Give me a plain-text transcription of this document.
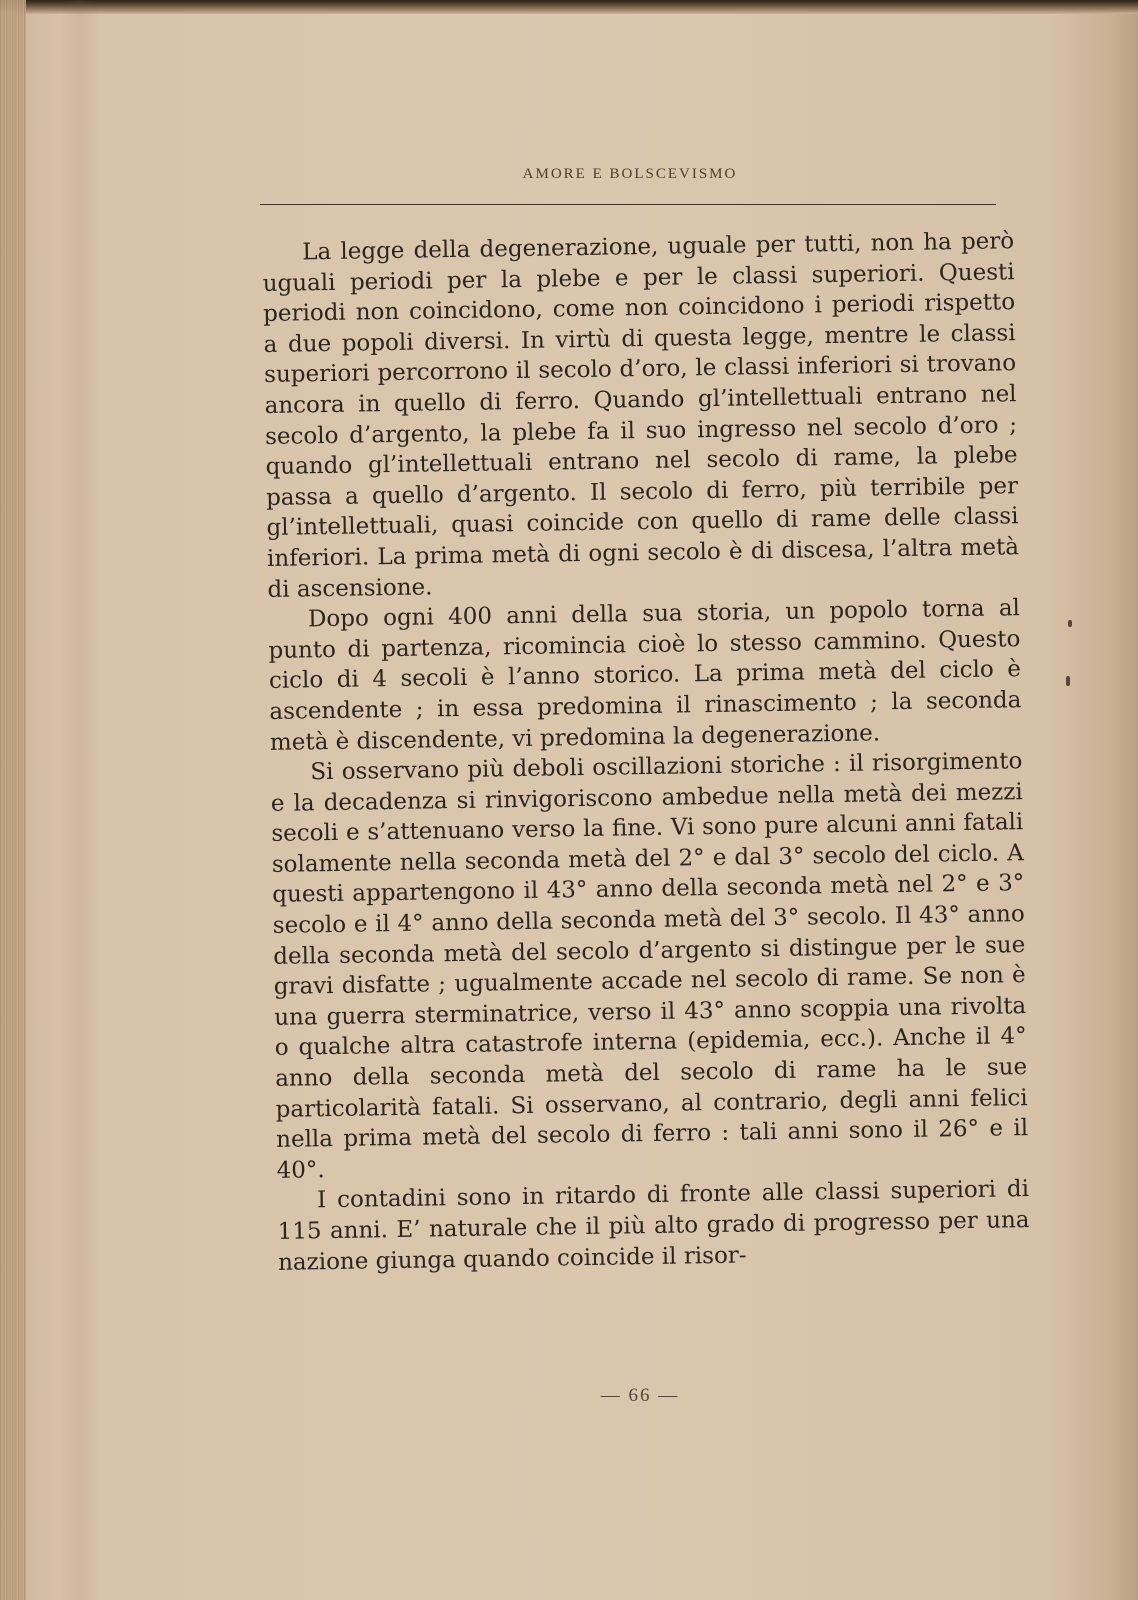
AMORE E BOLSCEVISMO

La legge della degenerazione, uguale per tutti, non ha però uguali periodi per la plebe e per le classi superiori. Questi periodi non coincidono, come non coincidono i periodi rispetto a due popoli diversi. In virtù di questa legge, mentre le classi superiori percorrono il secolo d’oro, le classi inferiori si trovano ancora in quello di ferro. Quando gl’intellettuali entrano nel secolo d’argento, la plebe fa il suo ingresso nel secolo d’oro ; quando gl’intellettuali entrano nel secolo di rame, la plebe passa a quello d’argento. Il secolo di ferro, più terribile per gl’intellettuali, quasi coincide con quello di rame delle classi inferiori. La prima metà di ogni secolo è di discesa, l’altra metà di ascensione.

Dopo ogni 400 anni della sua storia, un popolo torna al punto di partenza, ricomincia cioè lo stesso cammino. Questo ciclo di 4 secoli è l’anno storico. La prima metà del ciclo è ascendente ; in essa predomina il rinascimento ; la seconda metà è discendente, vi predomina la degenerazione.

Si osservano più deboli oscillazioni storiche : il risorgimento e la decadenza si rinvigoriscono ambedue nella metà dei mezzi secoli e s’attenuano verso la fine. Vi sono pure alcuni anni fatali solamente nella seconda metà del 2° e dal 3° secolo del ciclo. A questi appartengono il 43° anno della seconda metà nel 2° e 3° secolo e il 4° anno della seconda metà del 3° secolo. Il 43° anno della seconda metà del secolo d’argento si distingue per le sue gravi disfatte ; ugualmente accade nel secolo di rame. Se non è una guerra sterminatrice, verso il 43° anno scoppia una rivolta o qualche altra catastrofe interna (epidemia, ecc.). Anche il 4° anno della seconda metà del secolo di rame ha le sue particolarità fatali. Si osservano, al contrario, degli anni felici nella prima metà del secolo di ferro : tali anni sono il 26° e il 40°.

I contadini sono in ritardo di fronte alle classi superiori di 115 anni. E’ naturale che il più alto grado di progresso per una nazione giunga quando coincide il risor-

— 66 —
